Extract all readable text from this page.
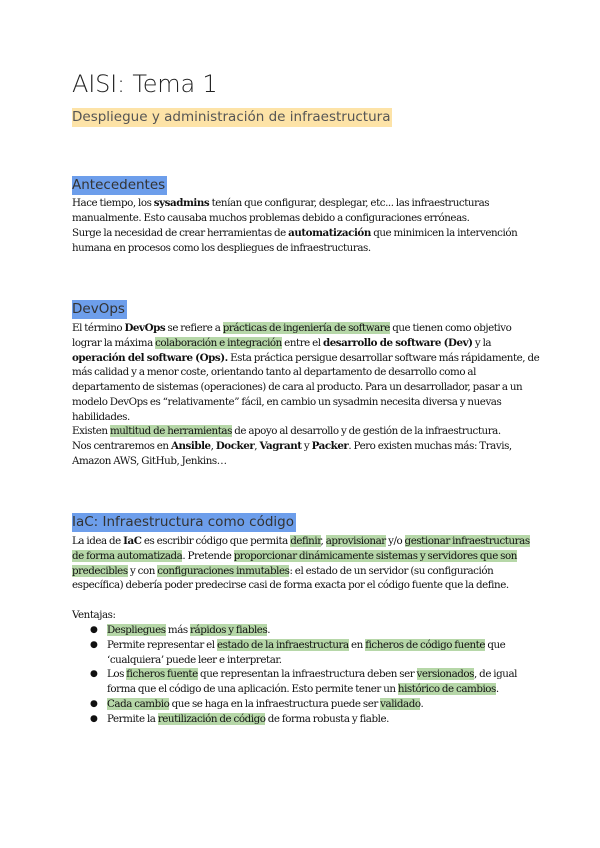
AISI: Tema 1
Despliegue y administración de infraestructura
Antecedentes
Hace tiempo, los sysadmins tenían que configurar, desplegar, etc... las infraestructuras manualmente. Esto causaba muchos problemas debido a configuraciones erróneas.
Surge la necesidad de crear herramientas de automatización que minimicen la intervención humana en procesos como los despliegues de infraestructuras.
DevOps
El término DevOps se refiere a prácticas de ingeniería de software que tienen como objetivo lograr la máxima colaboración e integración entre el desarrollo de software (Dev) y la operación del software (Ops). Esta práctica persigue desarrollar software más rápidamente, de más calidad y a menor coste, orientando tanto al departamento de desarrollo como al departamento de sistemas (operaciones) de cara al producto. Para un desarrollador, pasar a un modelo DevOps es “relativamente” fácil, en cambio un sysadmin necesita diversa y nuevas habilidades.
Existen multitud de herramientas de apoyo al desarrollo y de gestión de la infraestructura.
Nos centraremos en Ansible, Docker, Vagrant y Packer. Pero existen muchas más: Travis, Amazon AWS, GitHub, Jenkins…
IaC: Infraestructura como código
La idea de IaC es escribir código que permita definir, aprovisionar y/o gestionar infraestructuras de forma automatizada. Pretende proporcionar dinámicamente sistemas y servidores que son predecibles y con configuraciones inmutables: el estado de un servidor (su configuración específica) debería poder predecirse casi de forma exacta por el código fuente que la define.
Ventajas:
● Despliegues más rápidos y fiables.
● Permite representar el estado de la infraestructura en ficheros de código fuente que ‘cualquiera’ puede leer e interpretar.
● Los ficheros fuente que representan la infraestructura deben ser versionados, de igual forma que el código de una aplicación. Esto permite tener un histórico de cambios.
● Cada cambio que se haga en la infraestructura puede ser validado.
● Permite la reutilización de código de forma robusta y fiable.
